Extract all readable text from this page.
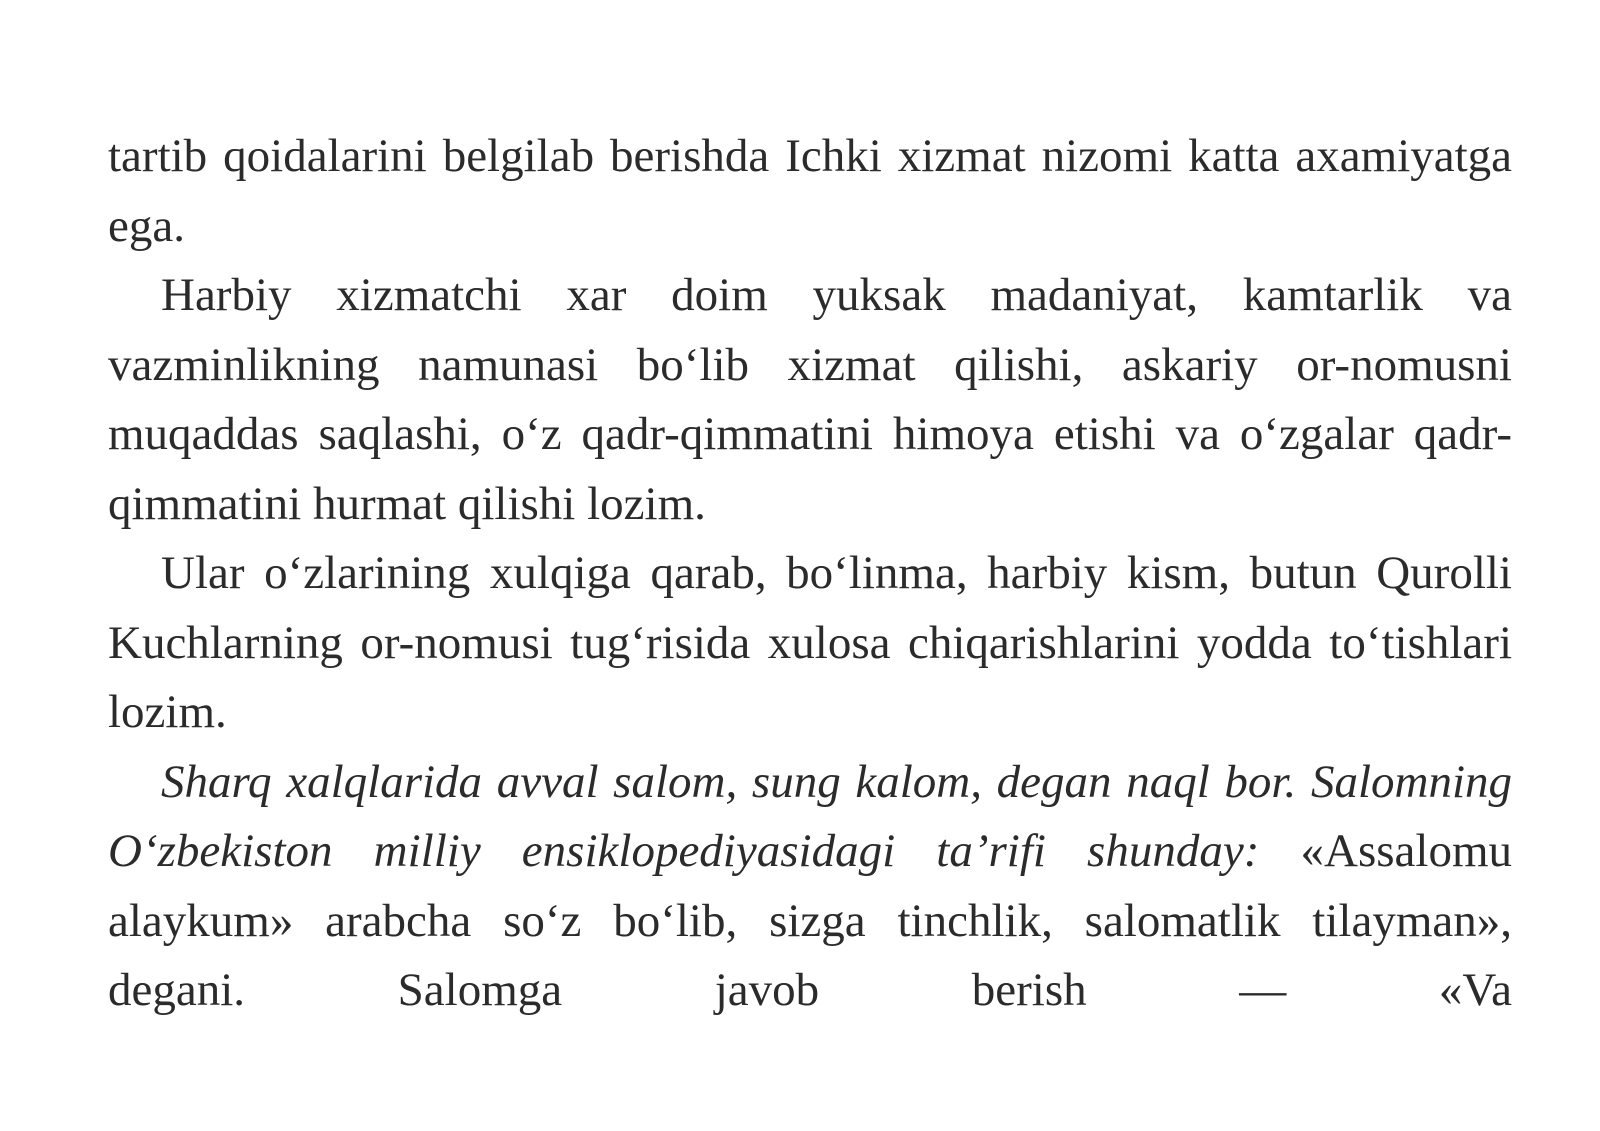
tartib qoidalarini belgilab berishda Ichki xizmat nizomi katta axamiyatga ega.

Harbiy xizmatchi xar doim yuksak madaniyat, kamtarlik va vazminlikning namunasi bo‘lib xizmat qilishi, askariy or-nomusni muqaddas saqlashi, o‘z qadr-qimmatini himoya etishi va o‘zgalar qadr-qimmatini hurmat qilishi lozim.

Ular o‘zlarining xulqiga qarab, bo‘linma, harbiy kism, butun Qurolli Kuchlarning or-nomusi tug‘risida xulosa chiqarishlarini yodda to‘tishlari lozim.

Sharq xalqlarida avval salom, sung kalom, degan naql bor. Salomning O‘zbekiston milliy ensiklopediyasidagi ta’rifi shunday: «Assalomu alaykum» arabcha so‘z bo‘lib, sizga tinchlik, salomatlik tilayman», degani. Salomga javob berish — «Va
